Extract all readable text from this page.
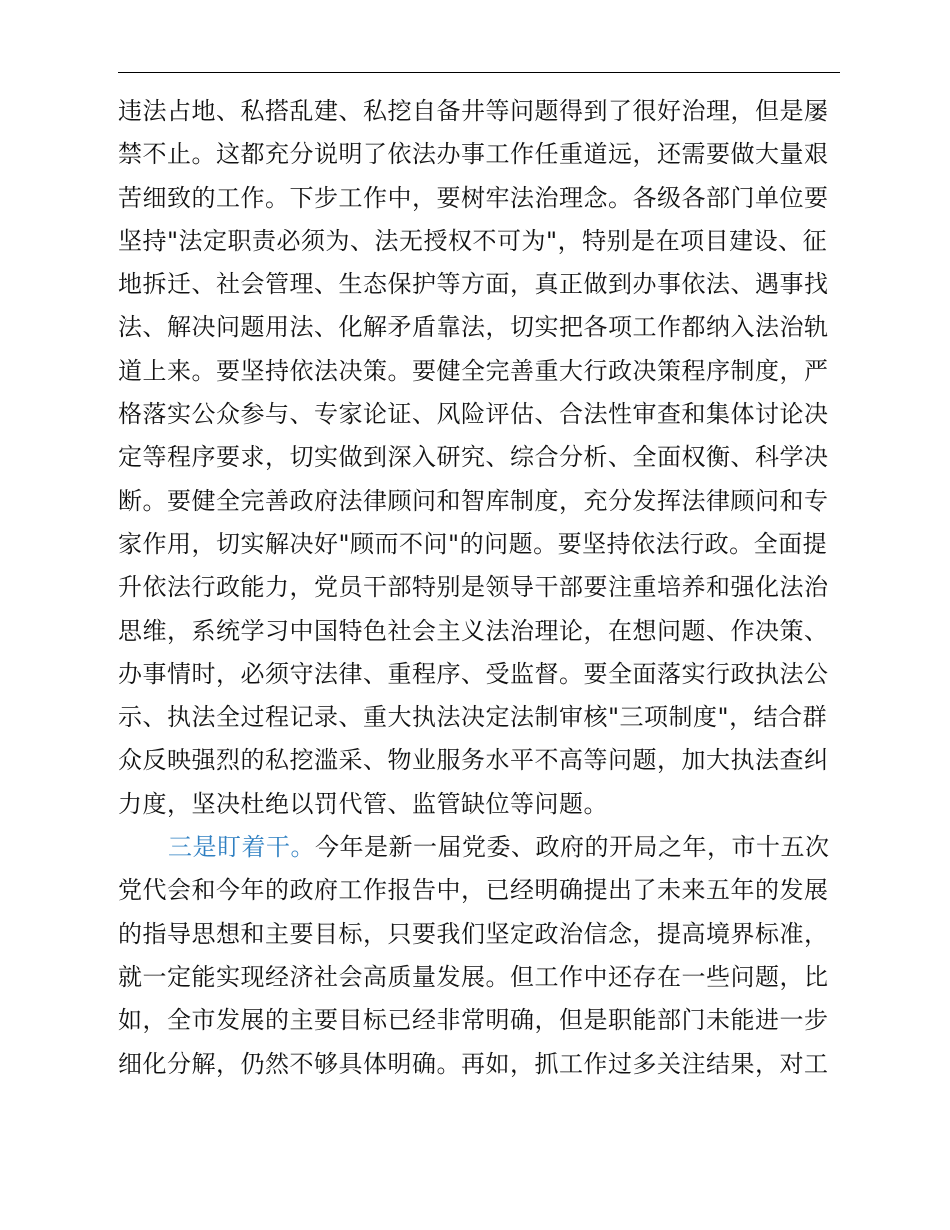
违法占地、私搭乱建、私挖自备井等问题得到了很好治理，但是屡
禁不止。这都充分说明了依法办事工作任重道远，还需要做大量艰
苦细致的工作。下步工作中，要树牢法治理念。各级各部门单位要
坚持"法定职责必须为、法无授权不可为"，特别是在项目建设、征
地拆迁、社会管理、生态保护等方面，真正做到办事依法、遇事找
法、解决问题用法、化解矛盾靠法，切实把各项工作都纳入法治轨
道上来。要坚持依法决策。要健全完善重大行政决策程序制度，严
格落实公众参与、专家论证、风险评估、合法性审查和集体讨论决
定等程序要求，切实做到深入研究、综合分析、全面权衡、科学决
断。要健全完善政府法律顾问和智库制度，充分发挥法律顾问和专
家作用，切实解决好"顾而不问"的问题。要坚持依法行政。全面提
升依法行政能力，党员干部特别是领导干部要注重培养和强化法治
思维，系统学习中国特色社会主义法治理论，在想问题、作决策、
办事情时，必须守法律、重程序、受监督。要全面落实行政执法公
示、执法全过程记录、重大执法决定法制审核"三项制度"，结合群
众反映强烈的私挖滥采、物业服务水平不高等问题，加大执法查纠
力度，坚决杜绝以罚代管、监管缺位等问题。
三是盯着干。今年是新一届党委、政府的开局之年，市十五次
党代会和今年的政府工作报告中，已经明确提出了未来五年的发展
的指导思想和主要目标，只要我们坚定政治信念，提高境界标准，
就一定能实现经济社会高质量发展。但工作中还存在一些问题，比
如，全市发展的主要目标已经非常明确，但是职能部门未能进一步
细化分解，仍然不够具体明确。再如，抓工作过多关注结果，对工
